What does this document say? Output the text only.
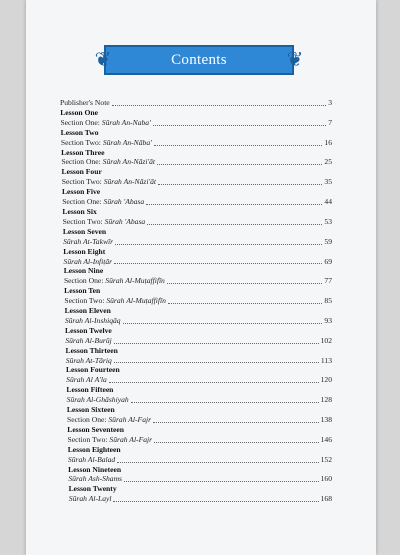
❦	Contents	❦
Publisher's Note	3
Lesson One
Section One: Sūrah An-Naba'	7
Lesson Two
Section Two: Sūrah An-Nāba'	16
Lesson Three
Section One: Sūrah An-Nāzi'āt	25
Lesson Four
Section Two: Sūrah An-Nāzi'āt	35
Lesson Five
Section One: Sūrah 'Abasa	44
Lesson Six
Section Two: Sūrah 'Abasa	53
Lesson Seven
Sūrah At-Takwīr	59
Lesson Eight
Sūrah Al-Infiṭār	69
Lesson Nine
Section One: Sūrah Al-Muṭaffifīn	77
Lesson Ten
Section Two: Sūrah Al-Muṭaffifīn	85
Lesson Eleven
Sūrah Al-Inshiqāq	93
Lesson Twelve
Sūrah Al-Burūj	102
Lesson Thirteen
Sūrah At-Tāriq	113
Lesson Fourteen
Sūrah Al A'la	120
Lesson Fifteen
Sūrah Al-Ghāshiyah	128
Lesson Sixteen
Section One: Sūrah Al-Fajr	138
Lesson Seventeen
Section Two: Sūrah Al-Fajr	146
Lesson Eighteen
Sūrah Al-Balad	152
Lesson Nineteen
Sūrah Ash-Shams	160
Lesson Twenty
Sūrah Al-Layl	168
